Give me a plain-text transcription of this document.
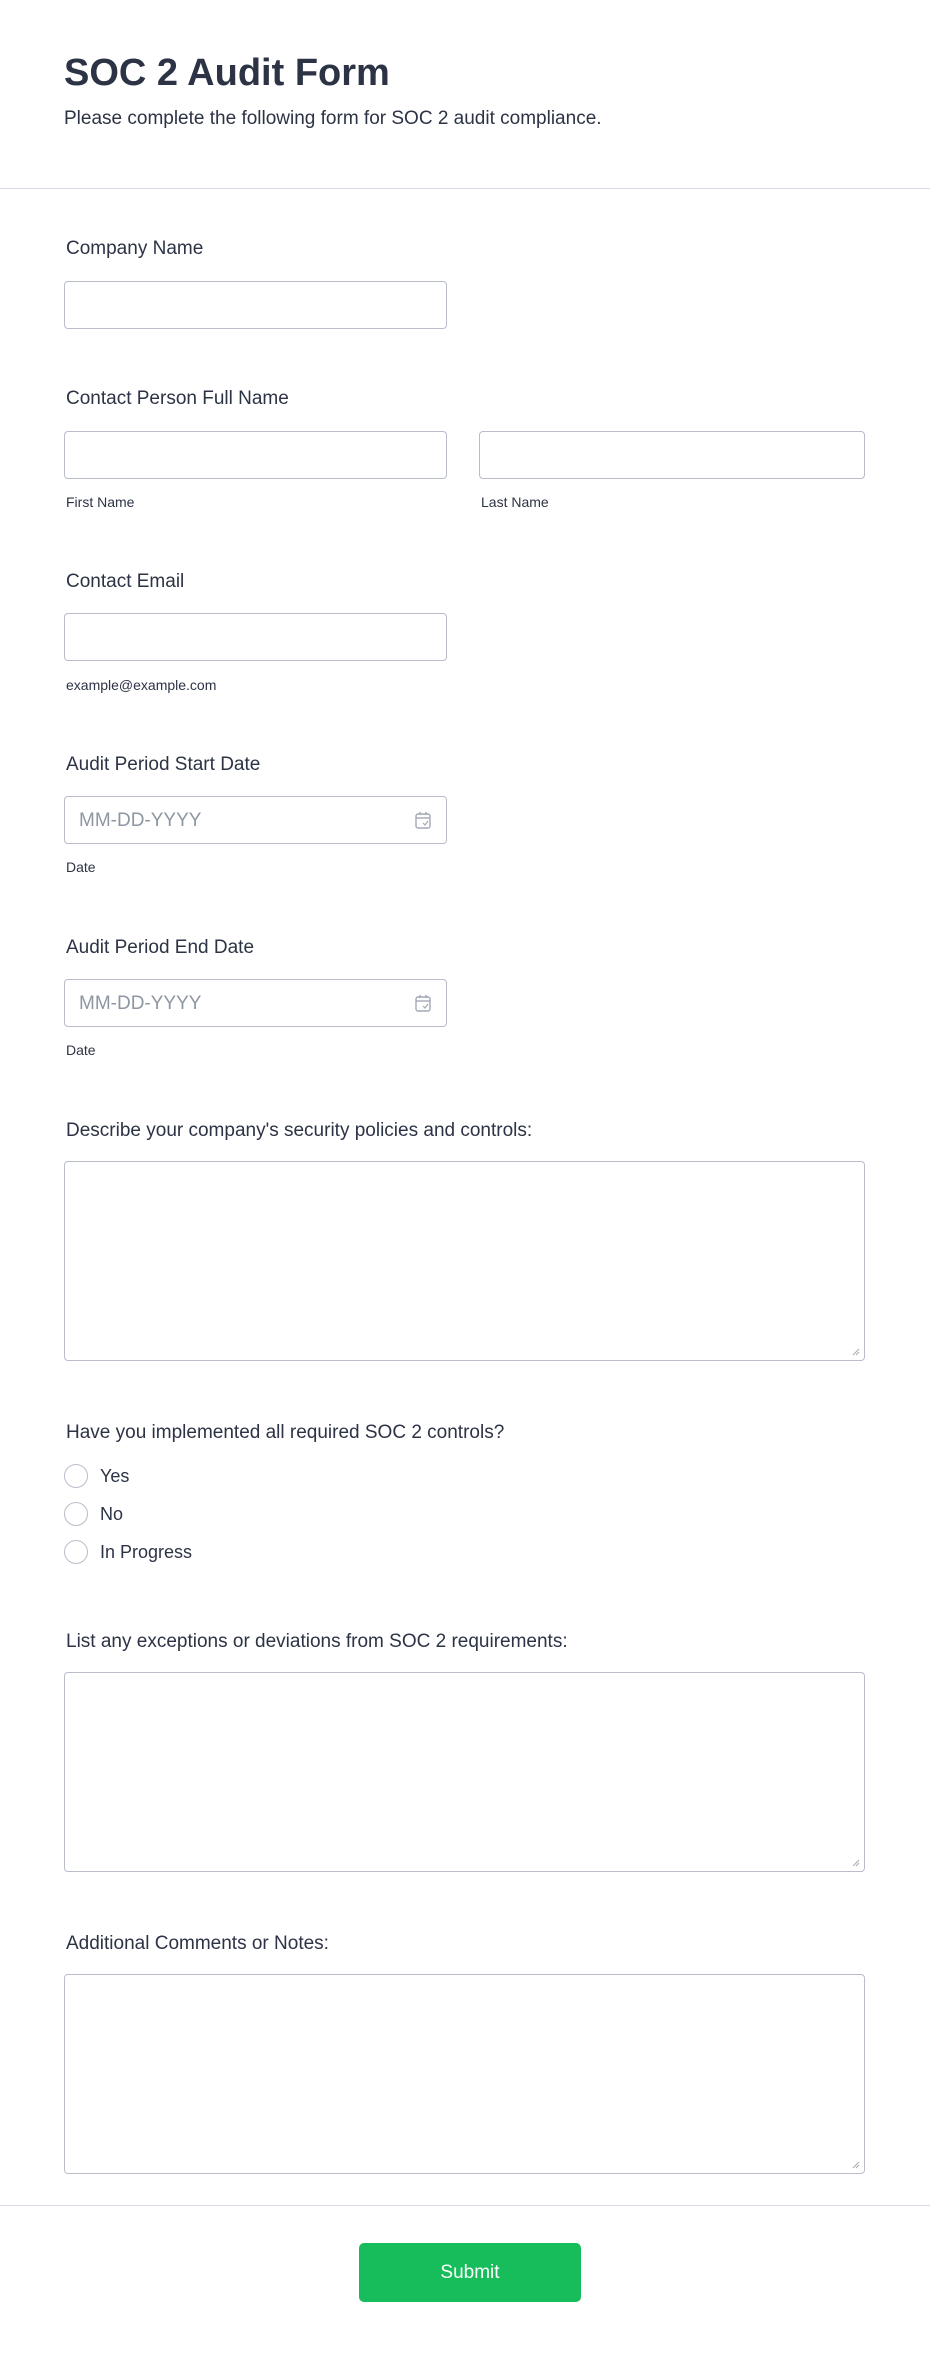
SOC 2 Audit Form
Please complete the following form for SOC 2 audit compliance.
Company Name
Contact Person Full Name
First Name	Last Name
Contact Email
example@example.com
Audit Period Start Date
MM-DD-YYYY
Date
Audit Period End Date
MM-DD-YYYY
Date
Describe your company's security policies and controls:
Have you implemented all required SOC 2 controls?
Yes
No
In Progress
List any exceptions or deviations from SOC 2 requirements:
Additional Comments or Notes:
Submit
